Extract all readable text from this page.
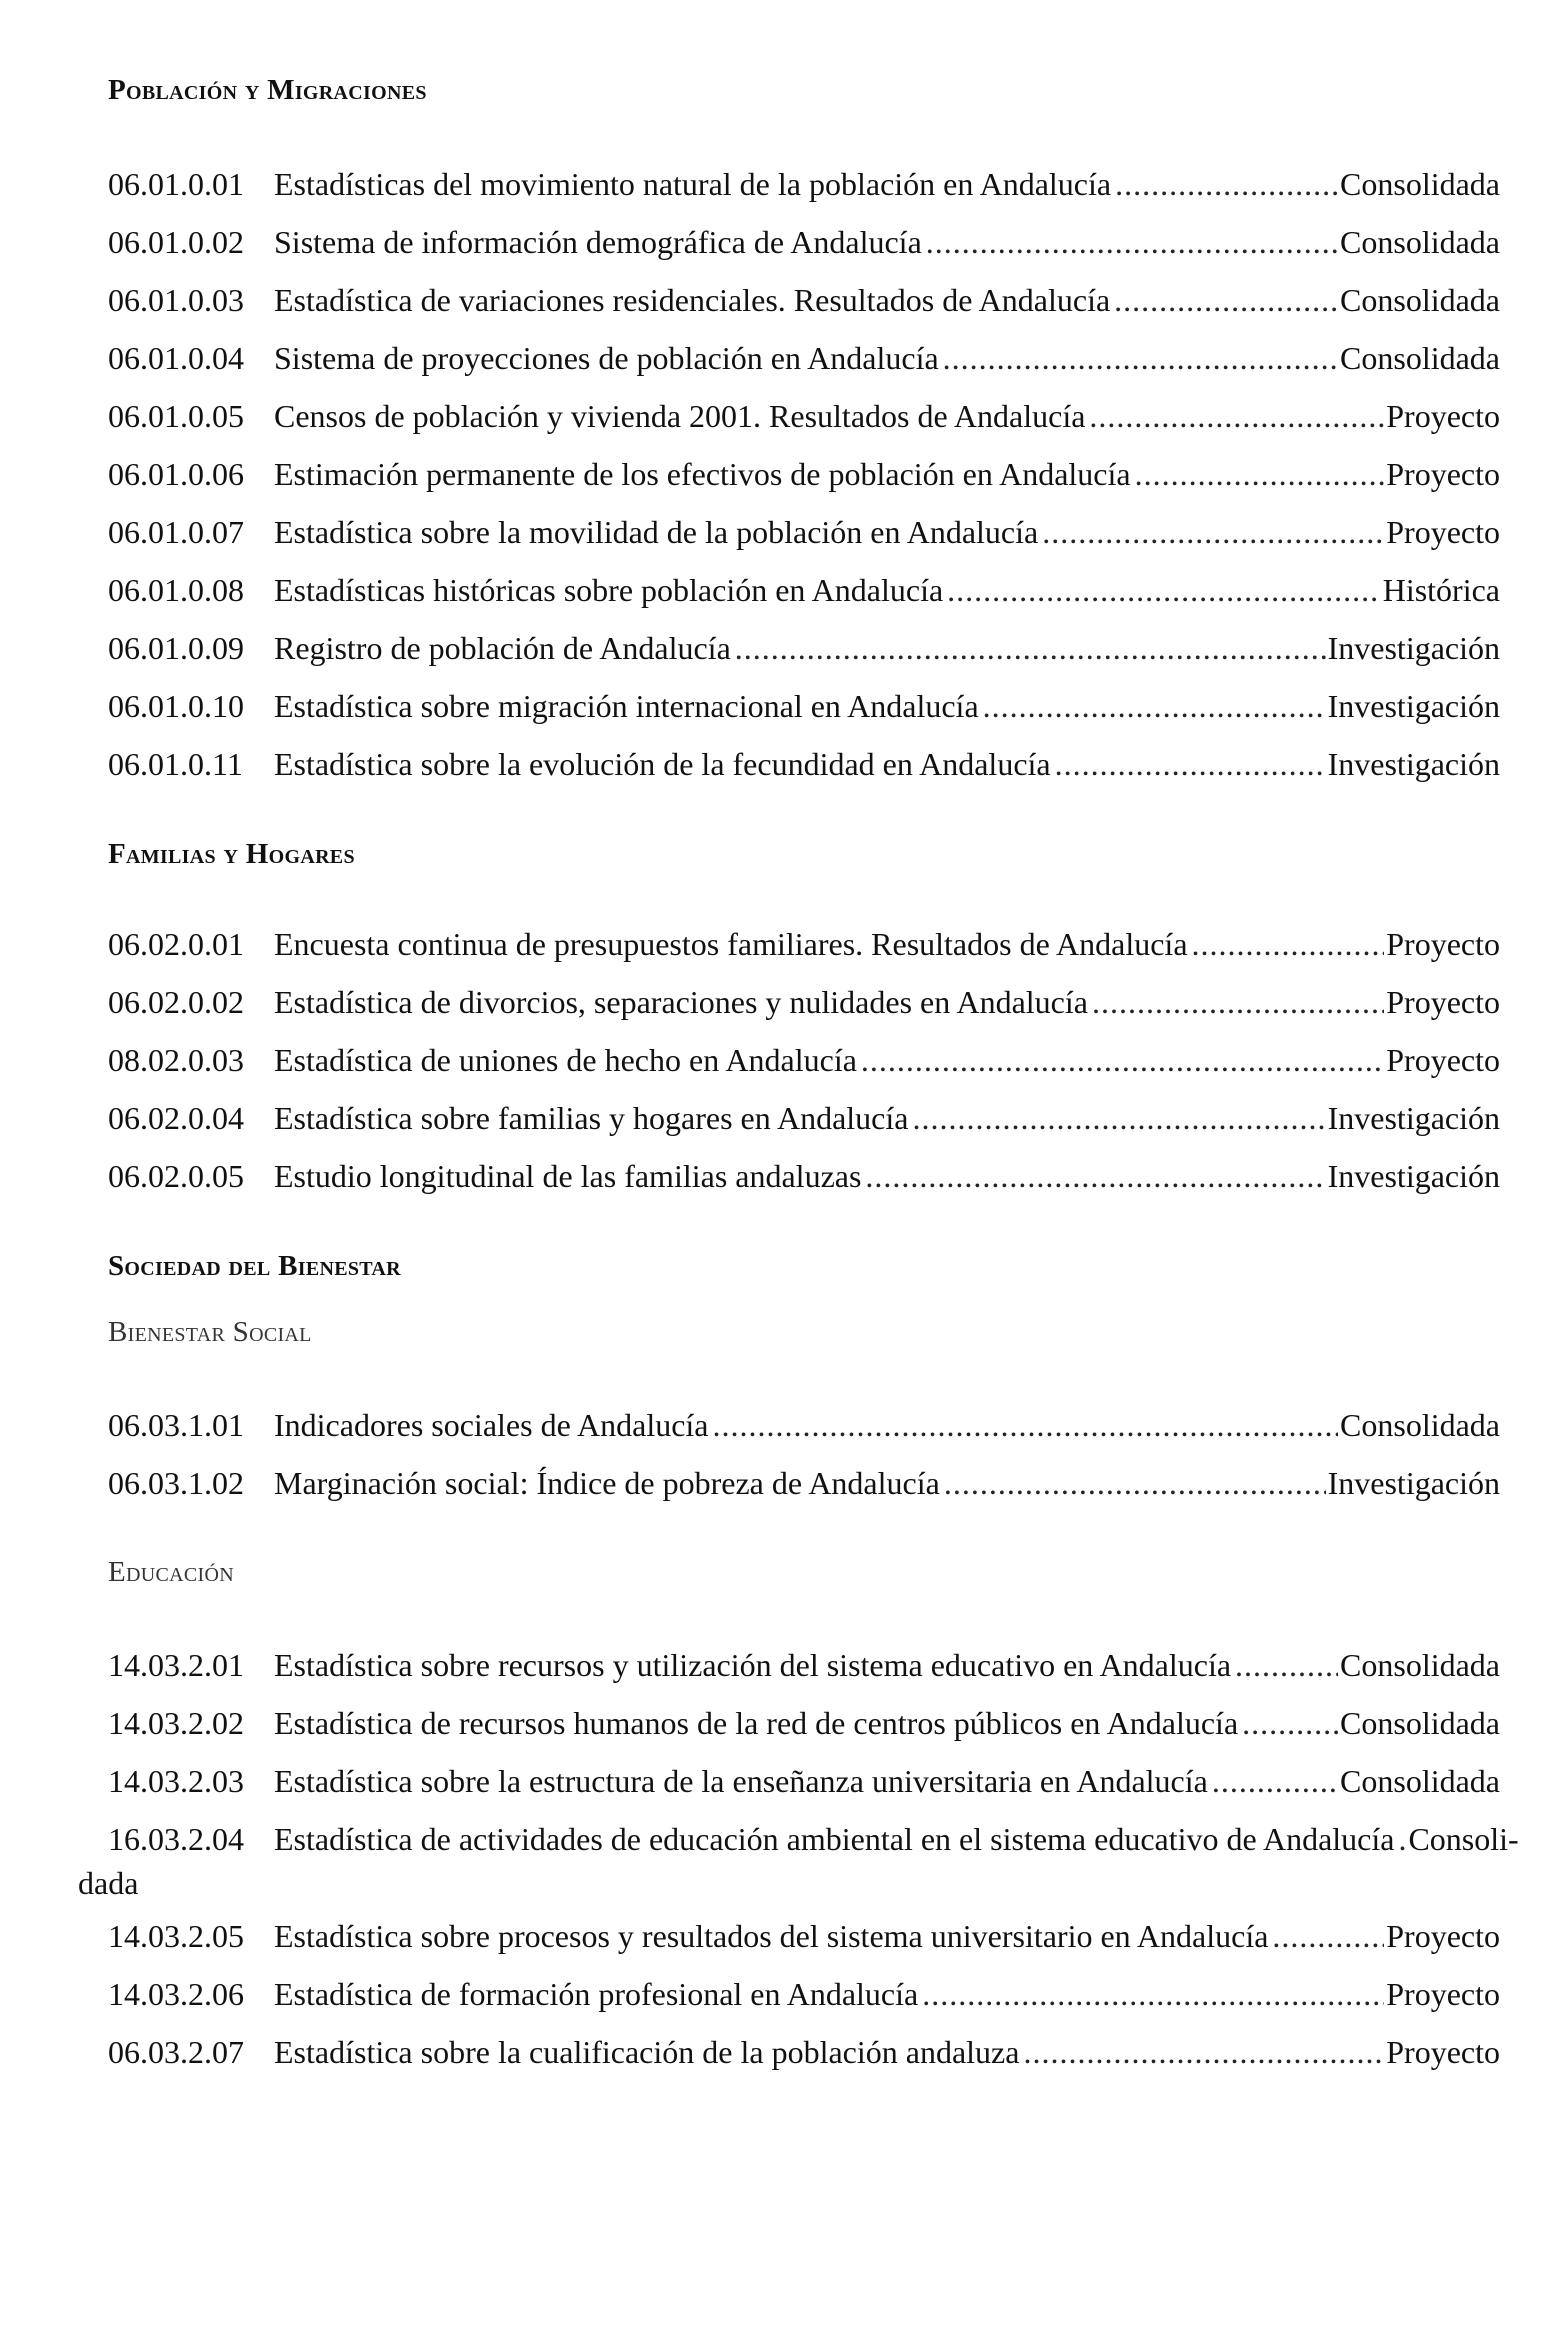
Población y Migraciones
06.01.0.01 Estadísticas del movimiento natural de la población en Andalucía .....	Consolidada
06.01.0.02 Sistema de información demográfica de Andalucía .....	Consolidada
06.01.0.03 Estadística de variaciones residenciales. Resultados de Andalucía .....	Consolidada
06.01.0.04 Sistema de proyecciones de población en Andalucía .....	Consolidada
06.01.0.05 Censos de población y vivienda 2001. Resultados de Andalucía .....	Proyecto
06.01.0.06 Estimación permanente de los efectivos de población en Andalucía .....	Proyecto
06.01.0.07 Estadística sobre la movilidad de la población en Andalucía .....	Proyecto
06.01.0.08 Estadísticas históricas sobre población en Andalucía .....	Histórica
06.01.0.09 Registro de población de Andalucía .....	Investigación
06.01.0.10 Estadística sobre migración internacional en Andalucía .....	Investigación
06.01.0.11 Estadística sobre la evolución de la fecundidad en Andalucía .....	Investigación
Familias y Hogares
06.02.0.01 Encuesta continua de presupuestos familiares. Resultados de Andalucía .....	Proyecto
06.02.0.02 Estadística de divorcios, separaciones y nulidades en Andalucía .....	Proyecto
08.02.0.03 Estadística de uniones de hecho en Andalucía .....	Proyecto
06.02.0.04 Estadística sobre familias y hogares en Andalucía .....	Investigación
06.02.0.05 Estudio longitudinal de las familias andaluzas .....	Investigación
Sociedad del Bienestar
Bienestar Social
06.03.1.01 Indicadores sociales de Andalucía .....	Consolidada
06.03.1.02 Marginación social: Índice de pobreza de Andalucía .....	Investigación
Educación
14.03.2.01 Estadística sobre recursos y utilización del sistema educativo en Andalucía .....	Consolidada
14.03.2.02 Estadística de recursos humanos de la red de centros públicos en Andalucía .....	Consolidada
14.03.2.03 Estadística sobre la estructura de la enseñanza universitaria en Andalucía .....	Consolidada
16.03.2.04 Estadística de actividades de educación ambiental en el sistema educativo de Andalucía ..... Consoli-
dada
14.03.2.05 Estadística sobre procesos y resultados del sistema universitario en Andalucía .....	Proyecto
14.03.2.06 Estadística de formación profesional en Andalucía .....	Proyecto
06.03.2.07 Estadística sobre la cualificación de la población andaluza .....	Proyecto
